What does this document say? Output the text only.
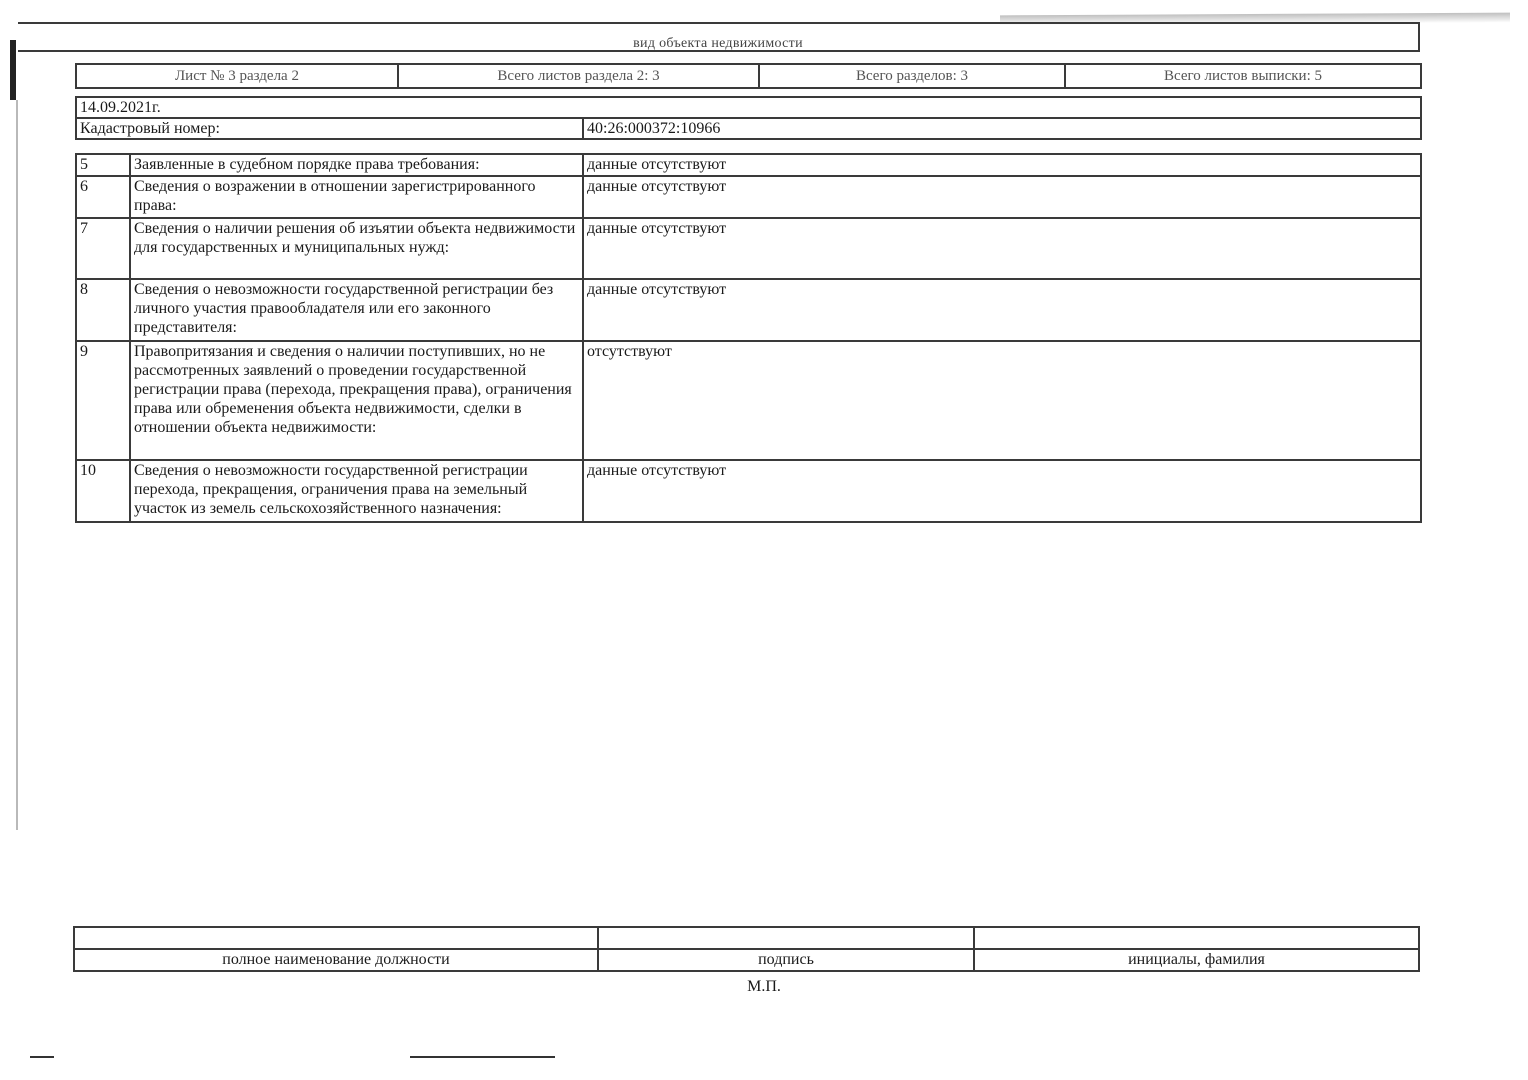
вид объекта недвижимости
Лист № 3 раздела 2	Всего листов раздела 2: 3	Всего разделов: 3	Всего листов выписки: 5
14.09.2021г.
Кадастровый номер:	40:26:000372:10966
5	Заявленные в судебном порядке права требования:	данные отсутствуют
6	Сведения о возражении в отношении зарегистрированного права:	данные отсутствуют
7	Сведения о наличии решения об изъятии объекта недвижимости для государственных и муниципальных нужд:	данные отсутствуют
8	Сведения о невозможности государственной регистрации без личного участия правообладателя или его законного представителя:	данные отсутствуют
9	Правопритязания и сведения о наличии поступивших, но не рассмотренных заявлений о проведении государственной регистрации права (перехода, прекращения права), ограничения права или обременения объекта недвижимости, сделки в отношении объекта недвижимости:	отсутствуют
10	Сведения о невозможности государственной регистрации перехода, прекращения, ограничения права на земельный участок из земель сельскохозяйственного назначения:	данные отсутствуют

полное наименование должности	подпись	инициалы, фамилия
М.П.
